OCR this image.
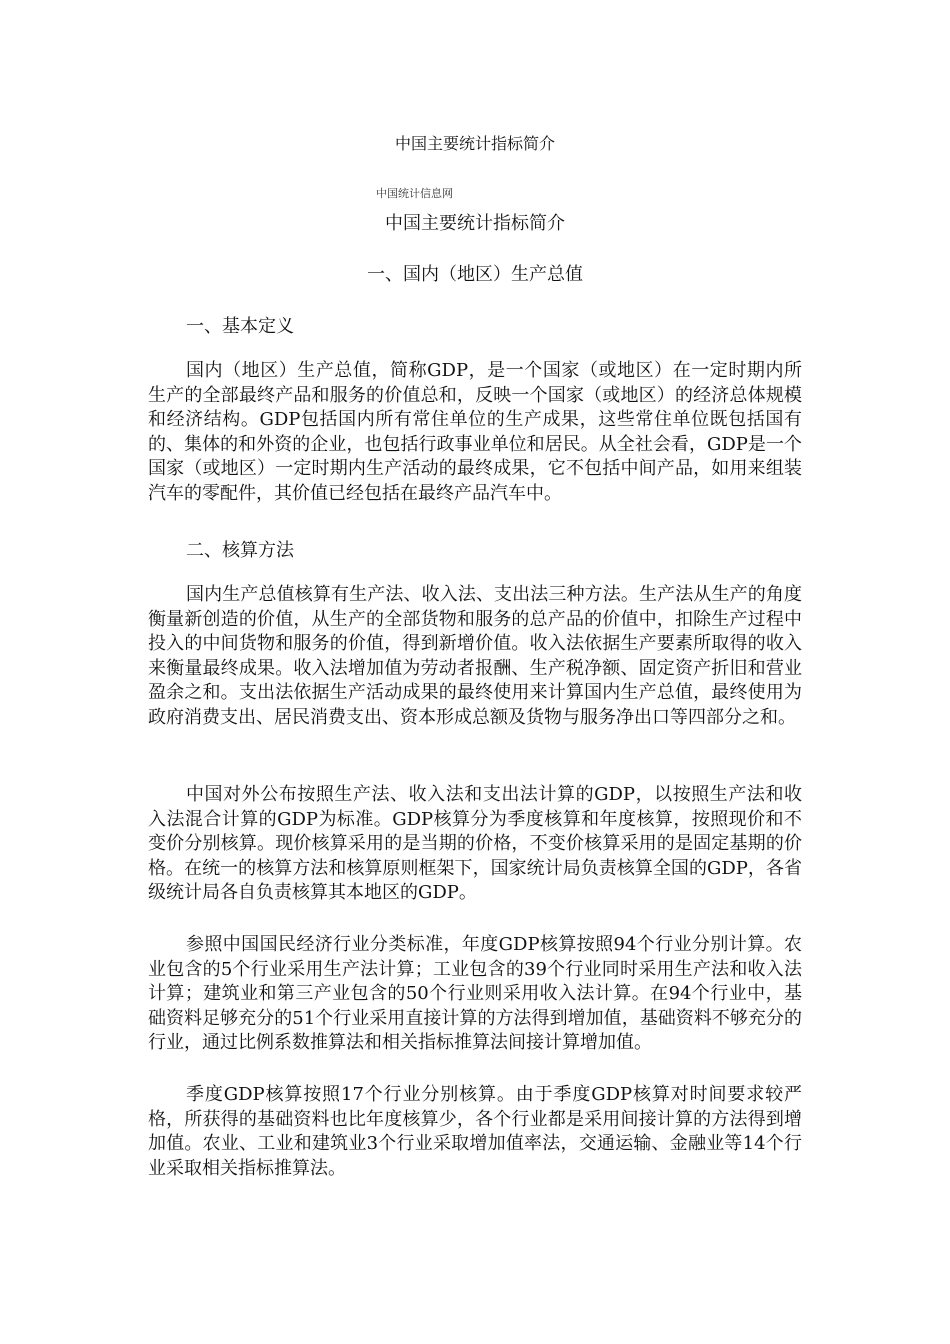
中国主要统计指标简介
中国统计信息网
中国主要统计指标简介
一、国内（地区）生产总值
一、基本定义

国内（地区）生产总值，简称GDP，是一个国家（或地区）在一定时期内所生产的全部最终产品和服务的价值总和，反映一个国家（或地区）的经济总体规模和经济结构。GDP包括国内所有常住单位的生产成果，这些常住单位既包括国有的、集体的和外资的企业，也包括行政事业单位和居民。从全社会看，GDP是一个国家（或地区）一定时期内生产活动的最终成果，它不包括中间产品，如用来组装汽车的零配件，其价值已经包括在最终产品汽车中。

二、核算方法

国内生产总值核算有生产法、收入法、支出法三种方法。生产法从生产的角度衡量新创造的价值，从生产的全部货物和服务的总产品的价值中，扣除生产过程中投入的中间货物和服务的价值，得到新增价值。收入法依据生产要素所取得的收入来衡量最终成果。收入法增加值为劳动者报酬、生产税净额、固定资产折旧和营业盈余之和。支出法依据生产活动成果的最终使用来计算国内生产总值，最终使用为政府消费支出、居民消费支出、资本形成总额及货物与服务净出口等四部分之和。

中国对外公布按照生产法、收入法和支出法计算的GDP，以按照生产法和收入法混合计算的GDP为标准。GDP核算分为季度核算和年度核算，按照现价和不变价分别核算。现价核算采用的是当期的价格，不变价核算采用的是固定基期的价格。在统一的核算方法和核算原则框架下，国家统计局负责核算全国的GDP，各省级统计局各自负责核算其本地区的GDP。

参照中国国民经济行业分类标准，年度GDP核算按照94个行业分别计算。农业包含的5个行业采用生产法计算；工业包含的39个行业同时采用生产法和收入法计算；建筑业和第三产业包含的50个行业则采用收入法计算。在94个行业中，基础资料足够充分的51个行业采用直接计算的方法得到增加值，基础资料不够充分的行业，通过比例系数推算法和相关指标推算法间接计算增加值。

季度GDP核算按照17个行业分别核算。由于季度GDP核算对时间要求较严格，所获得的基础资料也比年度核算少，各个行业都是采用间接计算的方法得到增加值。农业、工业和建筑业3个行业采取增加值率法，交通运输、金融业等14个行业采取相关指标推算法。
